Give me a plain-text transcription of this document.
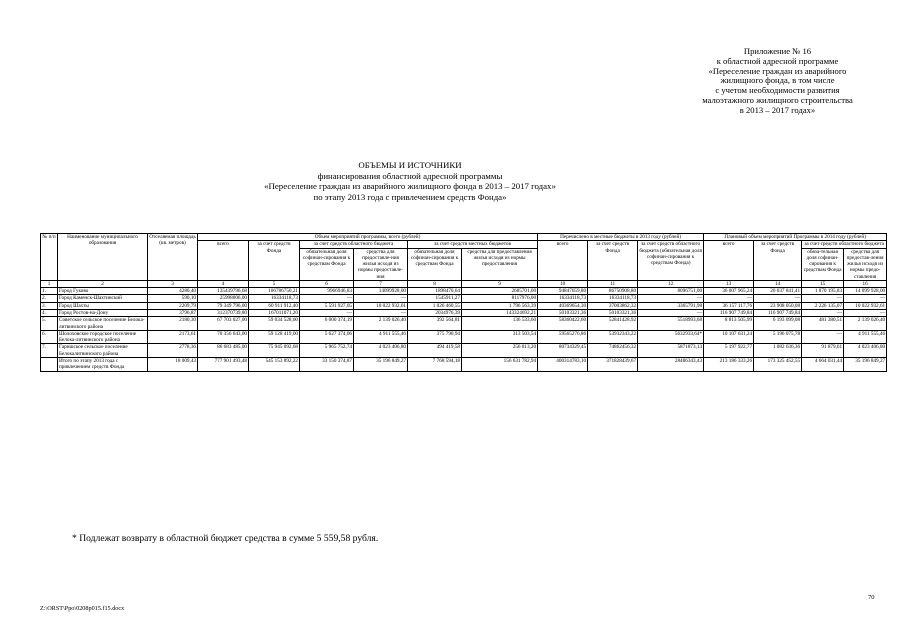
Приложение № 16
к областной адресной программе
«Переселение граждан из аварийного
жилищного фонда, в том числе
с учетом необходимости развития
малоэтажного жилищного строительства
в 2013 – 2017 годах»
ОБЪЕМЫ И ИСТОЧНИКИ
финансирования областной адресной программы
«Переселение граждан из аварийного жилищного фонда в 2013 – 2017 годах»
по этапу 2013 года с привлечением средств Фонда»
№ п/п	Наименование муниципального образования	Отселяемая площадь (кв. метров)	Объем мероприятий программы, всего (рублей)						Перечислено в местные бюджеты в 2013 году (рублей)			Плановый объем мероприятий Программы в 2014 году (рублей)			
			всего	за счет средств Фонда	за счет средств областного бюджета		за счет средств местных бюджетов		всего	за счет средств Фонда	за счет средств областного бюджета (обязательная доля софинан-сирования к средствам Фонда)	всего	за счет средств Фонда	за счет средств областного бюджета	
					обязательная доля софинан-сирования к средствам Фонда	средства для предоставле-ния жилья исходя из нормы предоставле-ния	обязательная доля софинан-сирования к средствам Фонда	средства для предоставления жилья исходя из нормы предоставления						обяза-тельная доля софинан-сирования к средствам Фонда	средства для предостав-ления жилья исходя из нормы предо-ставления
1	2	3	4	5	6	7	8	9	10	11	12	13	14	15	16
1.	Город Гуково	4280,40	135439796,68	106786750,21	9966946,83	14099928,00	1898470,64	2685701,00	94847659,80	86750908,80	8096751,00	36 007 965,24	20 037 841,41	1 870 195,83	14 099 928,00
2.	Город Каменск-Шахтинский	590,10	25998006,00	16334118,73	—	—	1545911,27	8117976,00	16334118,73	16334118,73	—	—	—	—	—
3.	Город Шахты	2209,79	79 349 796,00	60 911 912,40	5 591 927,05	10 022 932,61	1 026 460,55	1 796 563,39	40369654,30	37003862,32	3365791,98	36 157 117,76	23 908 050,08	2 226 135,07	10 022 932,61
4.	Город Ростов-на-Дону	3796,87	312370739,80	167011071,20	—	—	2034976,39	143324692,21	50103321,36	50103321,36	—	116 907 749,84	116 907 749,84	—	—
5.	Советское сельское поселение Белока-литвинского района	2180,30	67 703 027,00	59 034 528,00	6 000 374,19	2 139 026,40	392 564,81	136 533,60	58360422,60	52841428,92	5518993,68	8 813 505,99	6 193 099,08	481 380,51	2 139 026,40
6.	Шолоховское городское поселение Белока-литвинского района	2173,61	70 356 643,00	59 128 419,00	5 627 374,06	4 911 555,46	375 790,94	313 503,54	59565276,86	53932343,22	5632933,64*	10 107 631,24	5 196 075,78	—	4 911 555,46
7.	Гарншское сельское поселение Белокалитвинского района	2778,36	86 683 485,00	75 945 092,68	5 965 752,74	4 023 406,80	494 419,58	256 813,20	80734329,45	74862456,32	5871873,13	5 197 922,77	1 082 636,36	91 879,61	4 023 406,80
	Итого по этапу 2013 года с привлечением средств Фонда	18 009,43	777 901 493,48	545 153 892,22	33 150 374,87	35 196 849,27	7 768 594,18	156 631 782,94	400314783,10	371828439,67	28486343,43	213 186 333,26	173 325 452,55	4 664 031,44	35 196 849,27
* Подлежат возврату в областной бюджет средства в сумме 5 559,58 рубля.
70
Z:\ORST\Ppo\0208p015.f15.docx
